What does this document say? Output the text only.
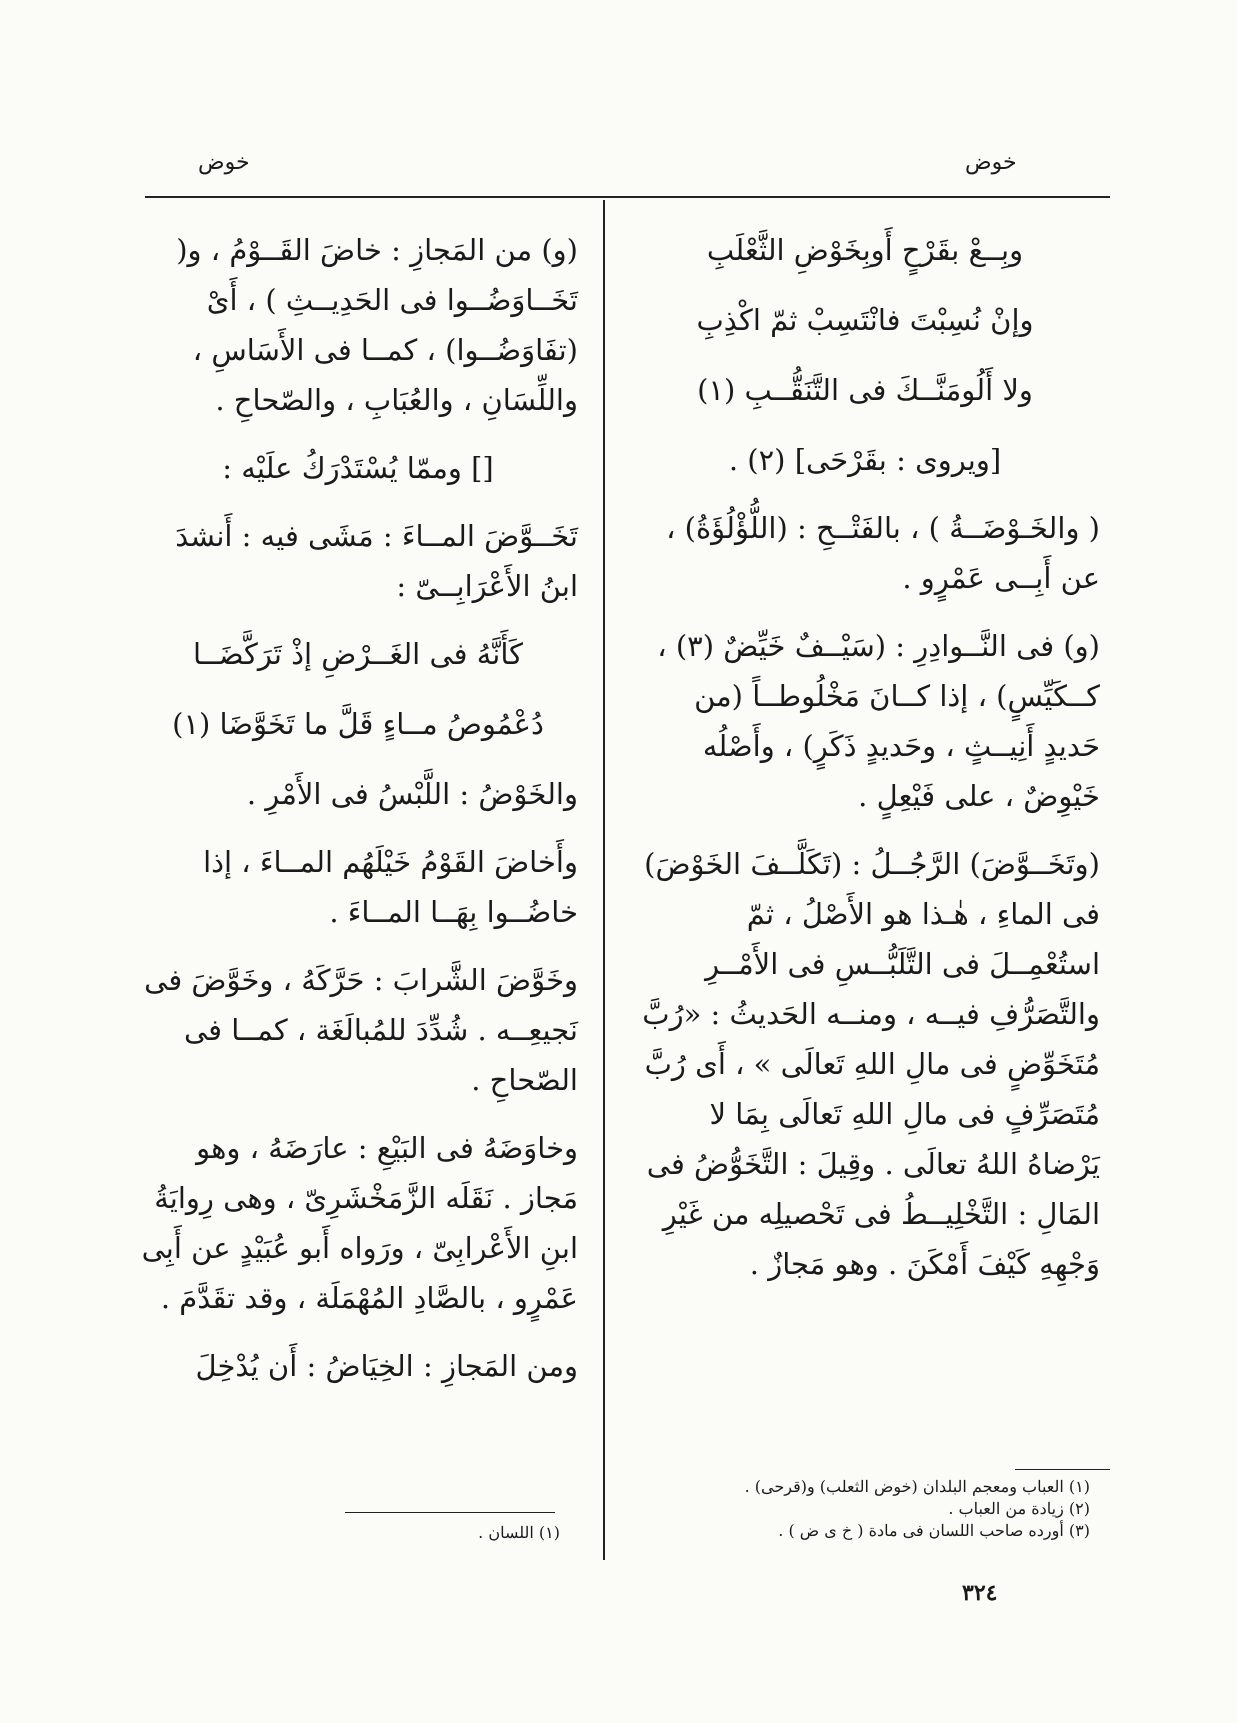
خوض
خوض
وبِــعْ بقَرْحٍ أَوبِخَوْضِ الثَّعْلَبِ
وإنْ نُسِبْتَ فانْتَسِبْ ثمّ اكْذِبِ
ولا أَلُومَنَّــكَ فى التَّنَقُّــبِ (١)

[ويروى : بقَرْحَى] (٢) .

( والخَـوْضَــةُ ) ، بالفَتْــحِ : (اللُّؤْلُؤَةُ) ، عن أَبِــى عَمْرٍو .

(و) فى النَّــوادِرِ : (سَيْــفٌ خَيِّضٌ (٣) ، كــكَيِّسٍ) ، إذا كــانَ مَخْلُوطــاً (من حَديدٍ أَنِيــثٍ ، وحَديدٍ ذَكَرٍ) ، وأَصْلُه خَيْوِضٌ ، على فَيْعِلٍ .

(وتَخَــوَّضَ) الرَّجُــلُ : (تَكَلَّــفَ الخَوْضَ) فى الماءِ ، هٰـذا هو الأَصْلُ ، ثمّ استُعْمِــلَ فى التَّلَبُّــسِ فى الأَمْــرِ والتَّصَرُّفِ فيــه ، ومنــه الحَديثُ : «رُبَّ مُتَخَوِّضٍ فى مالِ اللهِ تَعالَى » ، أَى رُبَّ مُتَصَرِّفٍ فى مالِ اللهِ تَعالَى بِمَا لا يَرْضاهُ اللهُ تعالَى . وقِيلَ : التَّخَوُّضُ فى المَالِ : التَّخْلِيــطُ فى تَحْصيلِه من غَيْرِ وَجْهِهِ كَيْفَ أَمْكَنَ . وهو مَجازٌ .

(١) العباب ومعجم البلدان (خوض الثعلب) و(قرحى) .
(٢) زيادة من العباب .
(٣) أورده صاحب اللسان فى مادة ( خ ى ض ) .

(و) من المَجازِ : خاضَ القَــوْمُ ، و( تَخَــاوَضُــوا فى الحَدِيــثِ ) ، أَىْ (تفَاوَضُــوا) ، كمــا فى الأَسَاسِ ، واللِّسَانِ ، والعُبَابِ ، والصّحاحِ .

[] وممّا يُسْتَدْرَكُ علَيْه :

تَخَــوَّضَ المــاءَ : مَشَى فيه : أَنشدَ ابنُ الأَعْرَابِــىّ :

كَأَنَّهُ فى الغَــرْضِ إذْ تَرَكَّضَــا
دُعْمُوصُ مــاءٍ قَلَّ ما تَخَوَّضَا (١)

والخَوْضُ : اللَّبْسُ فى الأَمْرِ .

وأَخاضَ القَوْمُ خَيْلَهُم المــاءَ ، إذا خاضُــوا بِهَــا المــاءَ .

وخَوَّضَ الشَّرابَ : حَرَّكَهُ ، وخَوَّضَ فى نَجيعِــه . شُدِّدَ للمُبالَغَة ، كمــا فى الصّحاحِ .

وخاوَضَهُ فى البَيْعِ : عارَضَهُ ، وهو مَجاز . نَقَلَه الزَّمَخْشَرِىّ ، وهى رِوايَةُ ابنِ الأَعْرابِىّ ، ورَواه أَبو عُبَيْدٍ عن أَبِى عَمْرٍو ، بالصَّادِ المُهْمَلَة ، وقد تقَدَّمَ .

ومن المَجازِ : الخِيَاضُ : أَن يُدْخِلَ

(١) اللسان .
٣٢٤
